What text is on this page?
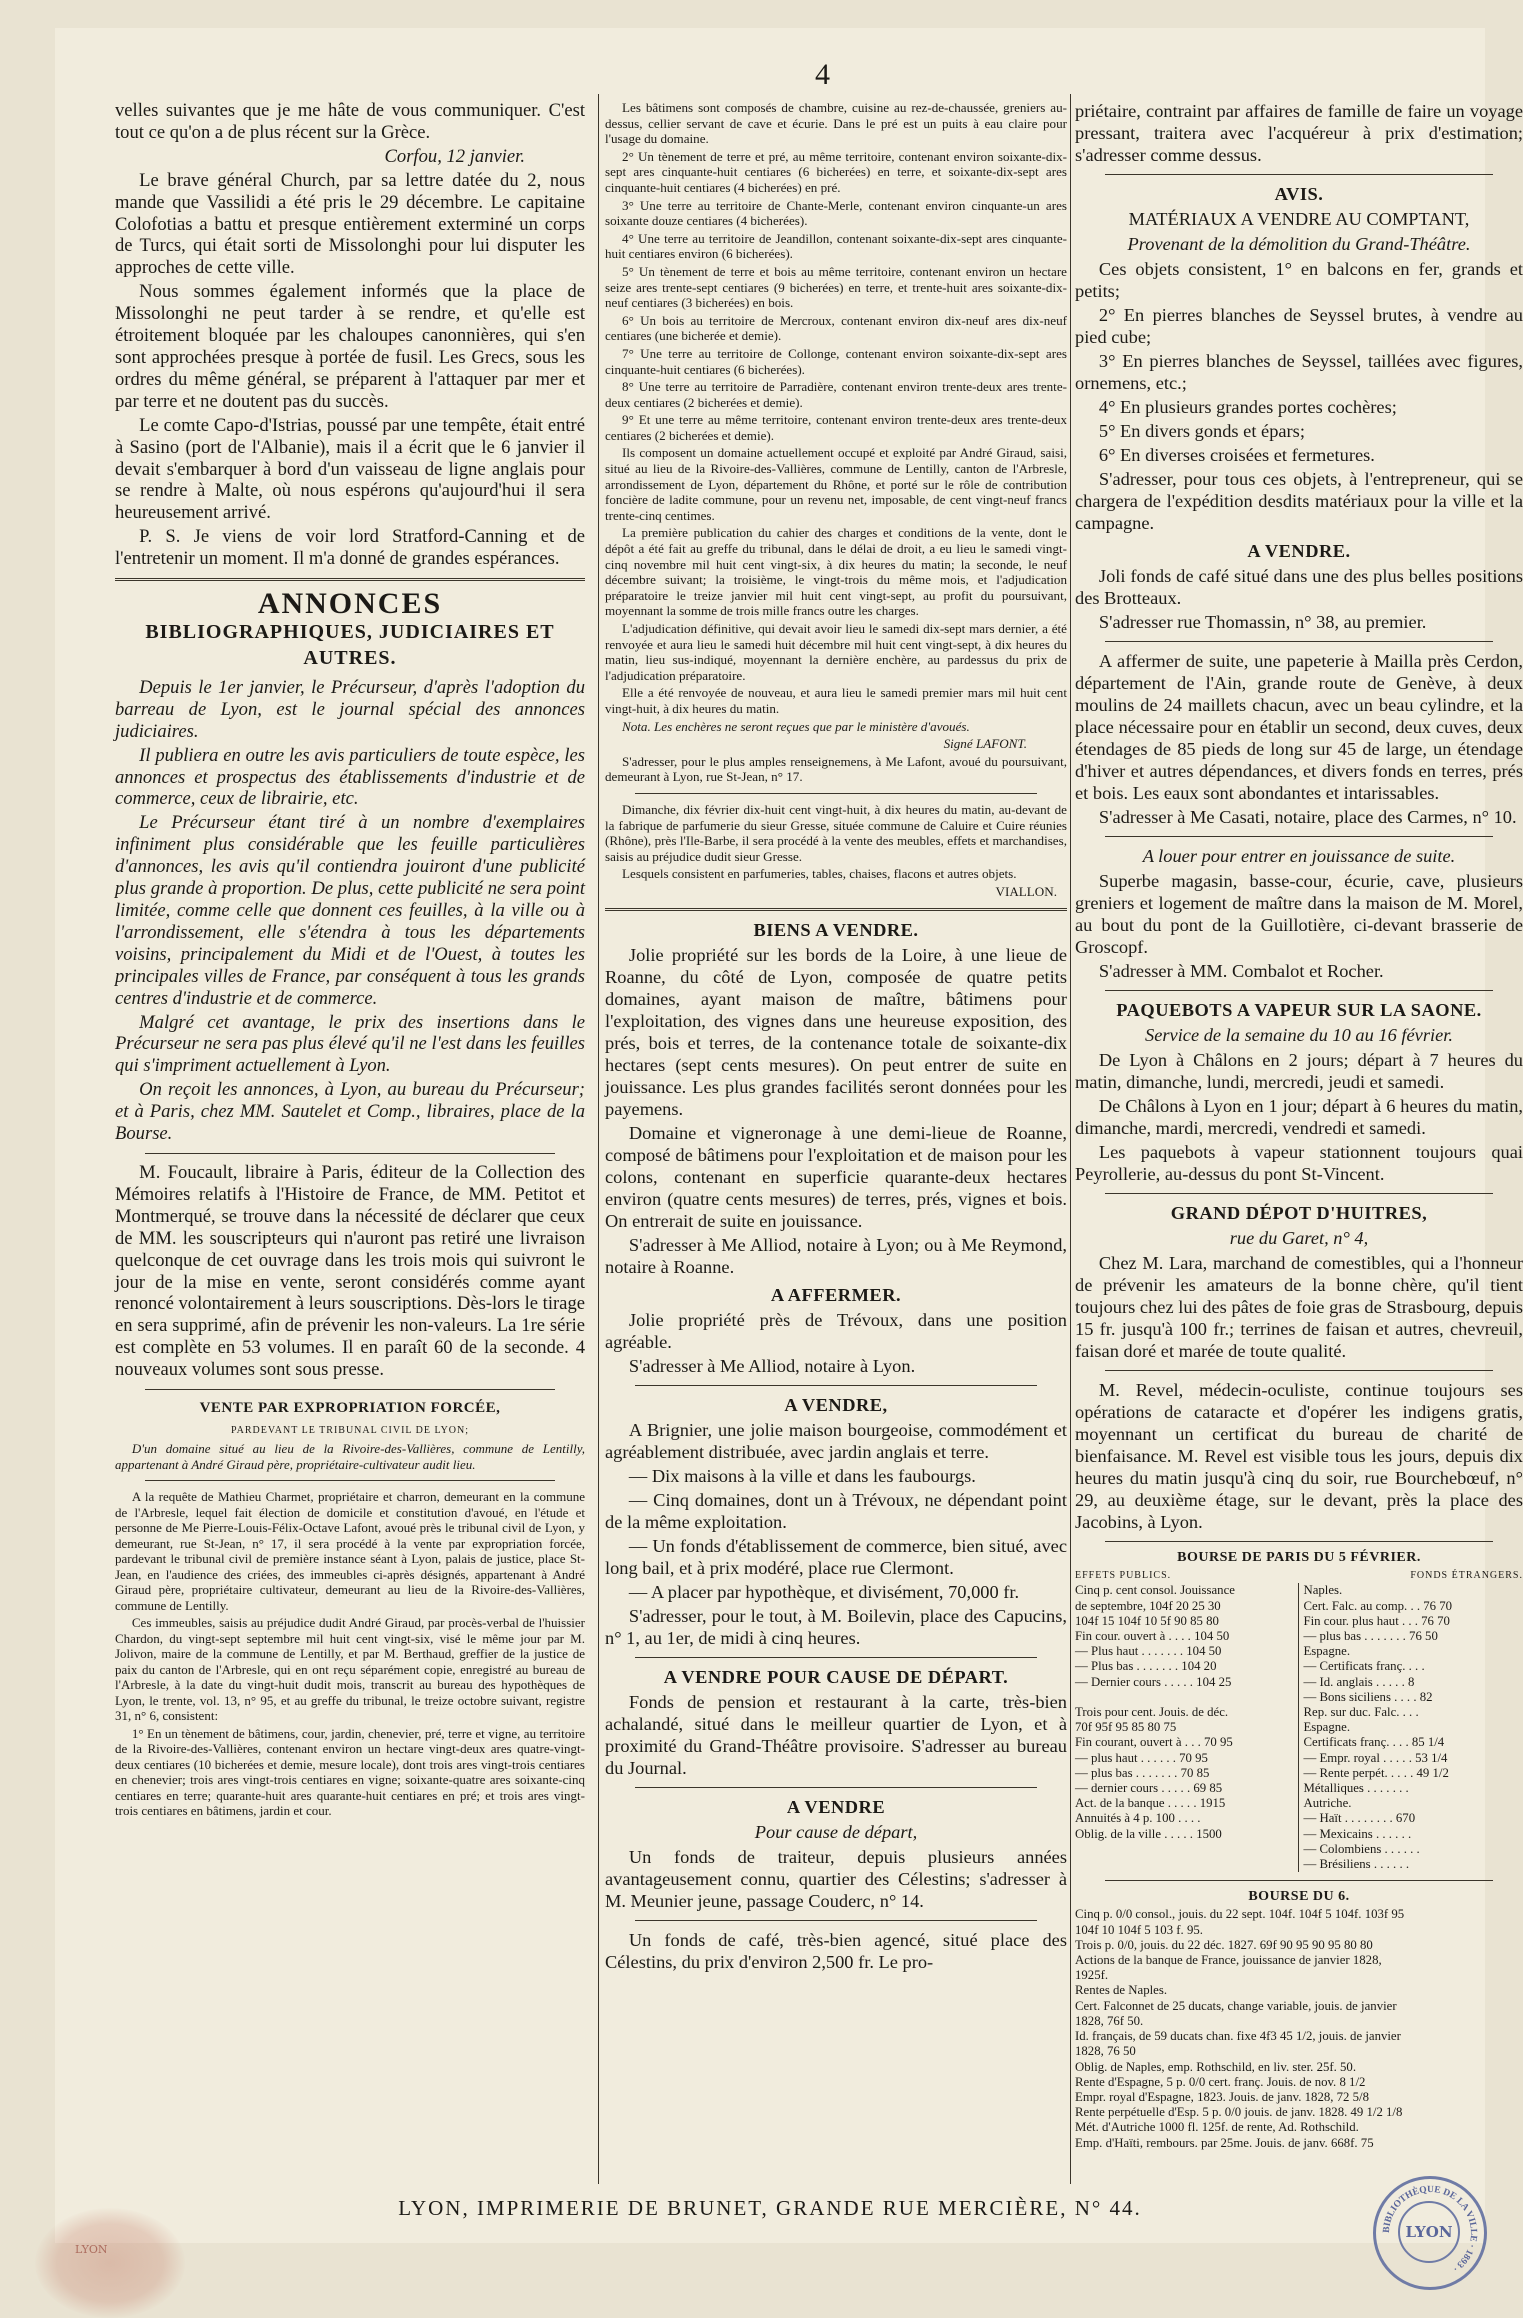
4

velles suivantes que je me hâte de vous communiquer. C'est tout ce qu'on a de plus récent sur la Grèce.

Corfou, 12 janvier.

Le brave général Church, par sa lettre datée du 2, nous mande que Vassilidi a été pris le 29 décembre. Le capitaine Colofotias a battu et presque entièrement exterminé un corps de Turcs, qui était sorti de Missolonghi pour lui disputer les approches de cette ville.

Nous sommes également informés que la place de Missolonghi ne peut tarder à se rendre, et qu'elle est étroitement bloquée par les chaloupes canonnières, qui s'en sont approchées presque à portée de fusil. Les Grecs, sous les ordres du même général, se préparent à l'attaquer par mer et par terre et ne doutent pas du succès.

Le comte Capo-d'Istrias, poussé par une tempête, était entré à Sasino (port de l'Albanie), mais il a écrit que le 6 janvier il devait s'embarquer à bord d'un vaisseau de ligne anglais pour se rendre à Malte, où nous espérons qu'aujourd'hui il sera heureusement arrivé.

P. S. Je viens de voir lord Stratford-Canning et de l'entretenir un moment. Il m'a donné de grandes espérances.

ANNONCES

BIBLIOGRAPHIQUES, JUDICIAIRES ET AUTRES.

Depuis le 1er janvier, le Précurseur, d'après l'adoption du barreau de Lyon, est le journal spécial des annonces judiciaires.

Il publiera en outre les avis particuliers de toute espèce, les annonces et prospectus des établissements d'industrie et de commerce, ceux de librairie, etc.

Le Précurseur étant tiré à un nombre d'exemplaires infiniment plus considérable que les feuille particulières d'annonces, les avis qu'il contiendra jouiront d'une publicité plus grande à proportion. De plus, cette publicité ne sera point limitée, comme celle que donnent ces feuilles, à la ville ou à l'arrondissement, elle s'étendra à tous les départements voisins, principalement du Midi et de l'Ouest, à toutes les principales villes de France, par conséquent à tous les grands centres d'industrie et de commerce.

Malgré cet avantage, le prix des insertions dans le Précurseur ne sera pas plus élevé qu'il ne l'est dans les feuilles qui s'impriment actuellement à Lyon.

On reçoit les annonces, à Lyon, au bureau du Précurseur; et à Paris, chez MM. Sautelet et Comp., libraires, place de la Bourse.

M. Foucault, libraire à Paris, éditeur de la Collection des Mémoires relatifs à l'Histoire de France, de MM. Petitot et Montmerqué, se trouve dans la nécessité de déclarer que ceux de MM. les souscripteurs qui n'auront pas retiré une livraison quelconque de cet ouvrage dans les trois mois qui suivront le jour de la mise en vente, seront considérés comme ayant renoncé volontairement à leurs souscriptions. Dès-lors le tirage en sera supprimé, afin de prévenir les non-valeurs. La 1re série est complète en 53 volumes. Il en paraît 60 de la seconde. 4 nouveaux volumes sont sous presse.

VENTE PAR EXPROPRIATION FORCÉE,

PARDEVANT LE TRIBUNAL CIVIL DE LYON;

D'un domaine situé au lieu de la Rivoire-des-Vallières, commune de Lentilly, appartenant à André Giraud père, propriétaire-cultivateur audit lieu.

A la requête de Mathieu Charmet, propriétaire et charron, demeurant en la commune de l'Arbresle, lequel fait élection de domicile et constitution d'avoué, en l'étude et personne de Me Pierre-Louis-Félix-Octave Lafont, avoué près le tribunal civil de Lyon, y demeurant, rue St-Jean, n° 17, il sera procédé à la vente par expropriation forcée, pardevant le tribunal civil de première instance séant à Lyon, palais de justice, place St-Jean, en l'audience des criées, des immeubles ci-après désignés, appartenant à André Giraud père, propriétaire cultivateur, demeurant au lieu de la Rivoire-des-Vallières, commune de Lentilly.

Ces immeubles, saisis au préjudice dudit André Giraud, par procès-verbal de l'huissier Chardon, du vingt-sept septembre mil huit cent vingt-six, visé le même jour par M. Jolivon, maire de la commune de Lentilly, et par M. Berthaud, greffier de la justice de paix du canton de l'Arbresle, qui en ont reçu séparément copie, enregistré au bureau de l'Arbresle, à la date du vingt-huit dudit mois, transcrit au bureau des hypothèques de Lyon, le trente, vol. 13, n° 95, et au greffe du tribunal, le treize octobre suivant, registre 31, n° 6, consistent:

1° En un tènement de bâtimens, cour, jardin, chenevier, pré, terre et vigne, au territoire de la Rivoire-des-Vallières, contenant environ un hectare vingt-deux ares quatre-vingt-deux centiares (10 bicherées et demie, mesure locale), dont trois ares vingt-trois centiares en chenevier; trois ares vingt-trois centiares en vigne; soixante-quatre ares soixante-cinq centiares en terre; quarante-huit ares quarante-huit centiares en pré; et trois ares vingt-trois centiares en bâtimens, jardin et cour.

Les bâtimens sont composés de chambre, cuisine au rez-de-chaussée, greniers au-dessus, cellier servant de cave et écurie. Dans le pré est un puits à eau claire pour l'usage du domaine.

2° Un tènement de terre et pré, au même territoire, contenant environ soixante-dix-sept ares cinquante-huit centiares (6 bicherées) en terre, et soixante-dix-sept ares cinquante-huit centiares (4 bicherées) en pré.

3° Une terre au territoire de Chante-Merle, contenant environ cinquante-un ares soixante douze centiares (4 bicherées).

4° Une terre au territoire de Jeandillon, contenant soixante-dix-sept ares cinquante-huit centiares environ (6 bicherées).

5° Un tènement de terre et bois au même territoire, contenant environ un hectare seize ares trente-sept centiares (9 bicherées) en terre, et trente-huit ares soixante-dix-neuf centiares (3 bicherées) en bois.

6° Un bois au territoire de Mercroux, contenant environ dix-neuf ares dix-neuf centiares (une bicherée et demie).

7° Une terre au territoire de Collonge, contenant environ soixante-dix-sept ares cinquante-huit centiares (6 bicherées).

8° Une terre au territoire de Parradière, contenant environ trente-deux ares trente-deux centiares (2 bicherées et demie).

9° Et une terre au même territoire, contenant environ trente-deux ares trente-deux centiares (2 bicherées et demie).

Ils composent un domaine actuellement occupé et exploité par André Giraud, saisi, situé au lieu de la Rivoire-des-Vallières, commune de Lentilly, canton de l'Arbresle, arrondissement de Lyon, département du Rhône, et porté sur le rôle de contribution foncière de ladite commune, pour un revenu net, imposable, de cent vingt-neuf francs trente-cinq centimes.

La première publication du cahier des charges et conditions de la vente, dont le dépôt a été fait au greffe du tribunal, dans le délai de droit, a eu lieu le samedi vingt-cinq novembre mil huit cent vingt-six, à dix heures du matin; la seconde, le neuf décembre suivant; la troisième, le vingt-trois du même mois, et l'adjudication préparatoire le treize janvier mil huit cent vingt-sept, au profit du poursuivant, moyennant la somme de trois mille francs outre les charges.

L'adjudication définitive, qui devait avoir lieu le samedi dix-sept mars dernier, a été renvoyée et aura lieu le samedi huit décembre mil huit cent vingt-sept, à dix heures du matin, lieu sus-indiqué, moyennant la dernière enchère, au pardessus du prix de l'adjudication préparatoire.

Elle a été renvoyée de nouveau, et aura lieu le samedi premier mars mil huit cent vingt-huit, à dix heures du matin.

Nota. Les enchères ne seront reçues que par le ministère d'avoués.

Signé LAFONT.

S'adresser, pour le plus amples renseignemens, à Me Lafont, avoué du poursuivant, demeurant à Lyon, rue St-Jean, n° 17.

Dimanche, dix février dix-huit cent vingt-huit, à dix heures du matin, au-devant de la fabrique de parfumerie du sieur Gresse, située commune de Caluire et Cuire réunies (Rhône), près l'Ile-Barbe, il sera procédé à la vente des meubles, effets et marchandises, saisis au préjudice dudit sieur Gresse.

Lesquels consistent en parfumeries, tables, chaises, flacons et autres objets.

VIALLON.

BIENS A VENDRE.

Jolie propriété sur les bords de la Loire, à une lieue de Roanne, du côté de Lyon, composée de quatre petits domaines, ayant maison de maître, bâtimens pour l'exploitation, des vignes dans une heureuse exposition, des prés, bois et terres, de la contenance totale de soixante-dix hectares (sept cents mesures). On peut entrer de suite en jouissance. Les plus grandes facilités seront données pour les payemens.

Domaine et vigneronage à une demi-lieue de Roanne, composé de bâtimens pour l'exploitation et de maison pour les colons, contenant en superficie quarante-deux hectares environ (quatre cents mesures) de terres, prés, vignes et bois. On entrerait de suite en jouissance.

S'adresser à Me Alliod, notaire à Lyon; ou à Me Reymond, notaire à Roanne.

A AFFERMER.

Jolie propriété près de Trévoux, dans une position agréable.

S'adresser à Me Alliod, notaire à Lyon.

A VENDRE,

A Brignier, une jolie maison bourgeoise, commodément et agréablement distribuée, avec jardin anglais et terre.

— Dix maisons à la ville et dans les faubourgs.

— Cinq domaines, dont un à Trévoux, ne dépendant point de la même exploitation.

— Un fonds d'établissement de commerce, bien situé, avec long bail, et à prix modéré, place rue Clermont.

— A placer par hypothèque, et divisément, 70,000 fr.

S'adresser, pour le tout, à M. Boilevin, place des Capucins, n° 1, au 1er, de midi à cinq heures.

A VENDRE POUR CAUSE DE DÉPART.

Fonds de pension et restaurant à la carte, très-bien achalandé, situé dans le meilleur quartier de Lyon, et à proximité du Grand-Théâtre provisoire. S'adresser au bureau du Journal.

A VENDRE

Pour cause de départ,

Un fonds de traiteur, depuis plusieurs années avantageusement connu, quartier des Célestins; s'adresser à M. Meunier jeune, passage Couderc, n° 14.

Un fonds de café, très-bien agencé, situé place des Célestins, du prix d'environ 2,500 fr. Le pro-

priétaire, contraint par affaires de famille de faire un voyage pressant, traitera avec l'acquéreur à prix d'estimation; s'adresser comme dessus.

AVIS.

MATÉRIAUX A VENDRE AU COMPTANT,

Provenant de la démolition du Grand-Théâtre.

Ces objets consistent, 1° en balcons en fer, grands et petits;

2° En pierres blanches de Seyssel brutes, à vendre au pied cube;

3° En pierres blanches de Seyssel, taillées avec figures, ornemens, etc.;

4° En plusieurs grandes portes cochères;

5° En divers gonds et épars;

6° En diverses croisées et fermetures.

S'adresser, pour tous ces objets, à l'entrepreneur, qui se chargera de l'expédition desdits matériaux pour la ville et la campagne.

A VENDRE.

Joli fonds de café situé dans une des plus belles positions des Brotteaux.

S'adresser rue Thomassin, n° 38, au premier.

A affermer de suite, une papeterie à Mailla près Cerdon, département de l'Ain, grande route de Genève, à deux moulins de 24 maillets chacun, avec un beau cylindre, et la place nécessaire pour en établir un second, deux cuves, deux étendages de 85 pieds de long sur 45 de large, un étendage d'hiver et autres dépendances, et divers fonds en terres, prés et bois. Les eaux sont abondantes et intarissables.

S'adresser à Me Casati, notaire, place des Carmes, n° 10.

A louer pour entrer en jouissance de suite.

Superbe magasin, basse-cour, écurie, cave, plusieurs greniers et logement de maître dans la maison de M. Morel, au bout du pont de la Guillotière, ci-devant brasserie de Groscopf.

S'adresser à MM. Combalot et Rocher.

PAQUEBOTS A VAPEUR SUR LA SAONE.

Service de la semaine du 10 au 16 février.

De Lyon à Châlons en 2 jours; départ à 7 heures du matin, dimanche, lundi, mercredi, jeudi et samedi.

De Châlons à Lyon en 1 jour; départ à 6 heures du matin, dimanche, mardi, mercredi, vendredi et samedi.

Les paquebots à vapeur stationnent toujours quai Peyrollerie, au-dessus du pont St-Vincent.

GRAND DÉPOT D'HUITRES,

rue du Garet, n° 4,

Chez M. Lara, marchand de comestibles, qui a l'honneur de prévenir les amateurs de la bonne chère, qu'il tient toujours chez lui des pâtes de foie gras de Strasbourg, depuis 15 fr. jusqu'à 100 fr.; terrines de faisan et autres, chevreuil, faisan doré et marée de toute qualité.

M. Revel, médecin-oculiste, continue toujours ses opérations de cataracte et d'opérer les indigens gratis, moyennant un certificat du bureau de charité de bienfaisance. M. Revel est visible tous les jours, depuis dix heures du matin jusqu'à cinq du soir, rue Bourchebœuf, n° 29, au deuxième étage, sur le devant, près la place des Jacobins, à Lyon.

BOURSE DE PARIS DU 5 FÉVRIER.

EFFETS PUBLICS.	FONDS ÉTRANGERS.
Cinq p. cent consol. Jouissance
de septembre, 104f 20 25 30
104f 15 104f 10 5f 90 85 80
Fin cour. ouvert à . . . . 104 50
— Plus haut . . . . . . . 104 50
— Plus bas . . . . . . . 104 20
— Dernier cours . . . . . 104 25

Trois pour cent. Jouis. de déc.
70f 95f 95 85 80 75
Fin courant, ouvert à . . . 70 95
— plus haut . . . . . . 70 95
— plus bas . . . . . . . 70 85
— dernier cours . . . . . 69 85
Act. de la banque . . . . . 1915
Annuités à 4 p. 100 . . . .
Oblig. de la ville . . . . . 1500
Naples.
Cert. Falc. au comp. . . 76 70
Fin cour. plus haut . . . 76 70
— plus bas . . . . . . . 76 50
Espagne.
— Certificats franç. . . .
— Id. anglais . . . . . 8
— Bons siciliens . . . . 82
Rep. sur duc. Falc. . . .
Espagne.
Certificats franç. . . . 85 1/4
— Empr. royal . . . . . 53 1/4
— Rente perpét. . . . . 49 1/2
Métalliques . . . . . . .
Autriche.
— Haït . . . . . . . . 670
— Mexicains . . . . . .
— Colombiens . . . . . .
— Brésiliens . . . . . .

BOURSE DU 6.

Cinq p. 0/0 consol., jouis. du 22 sept. 104f. 104f 5 104f. 103f 95
104f 10 104f 5 103 f. 95.
Trois p. 0/0, jouis. du 22 déc. 1827. 69f 90 95 90 95 80 80
Actions de la banque de France, jouissance de janvier 1828,
1925f.
Rentes de Naples.
Cert. Falconnet de 25 ducats, change variable, jouis. de janvier
1828, 76f 50.
Id. français, de 59 ducats chan. fixe 4f3 45 1/2, jouis. de janvier
1828, 76 50
Oblig. de Naples, emp. Rothschild, en liv. ster. 25f. 50.
Rente d'Espagne, 5 p. 0/0 cert. franç. Jouis. de nov. 8 1/2
Empr. royal d'Espagne, 1823. Jouis. de janv. 1828, 72 5/8
Rente perpétuelle d'Esp. 5 p. 0/0 jouis. de janv. 1828. 49 1/2 1/8
Mét. d'Autriche 1000 fl. 125f. de rente, Ad. Rothschild.
Emp. d'Haïti, rembours. par 25me. Jouis. de janv. 668f. 75
LYON, IMPRIMERIE DE BRUNET, GRANDE RUE MERCIÈRE, N° 44.
LYON
BIBLIOTHÈQUE DE LA VILLE · 1893 ·
LYON
